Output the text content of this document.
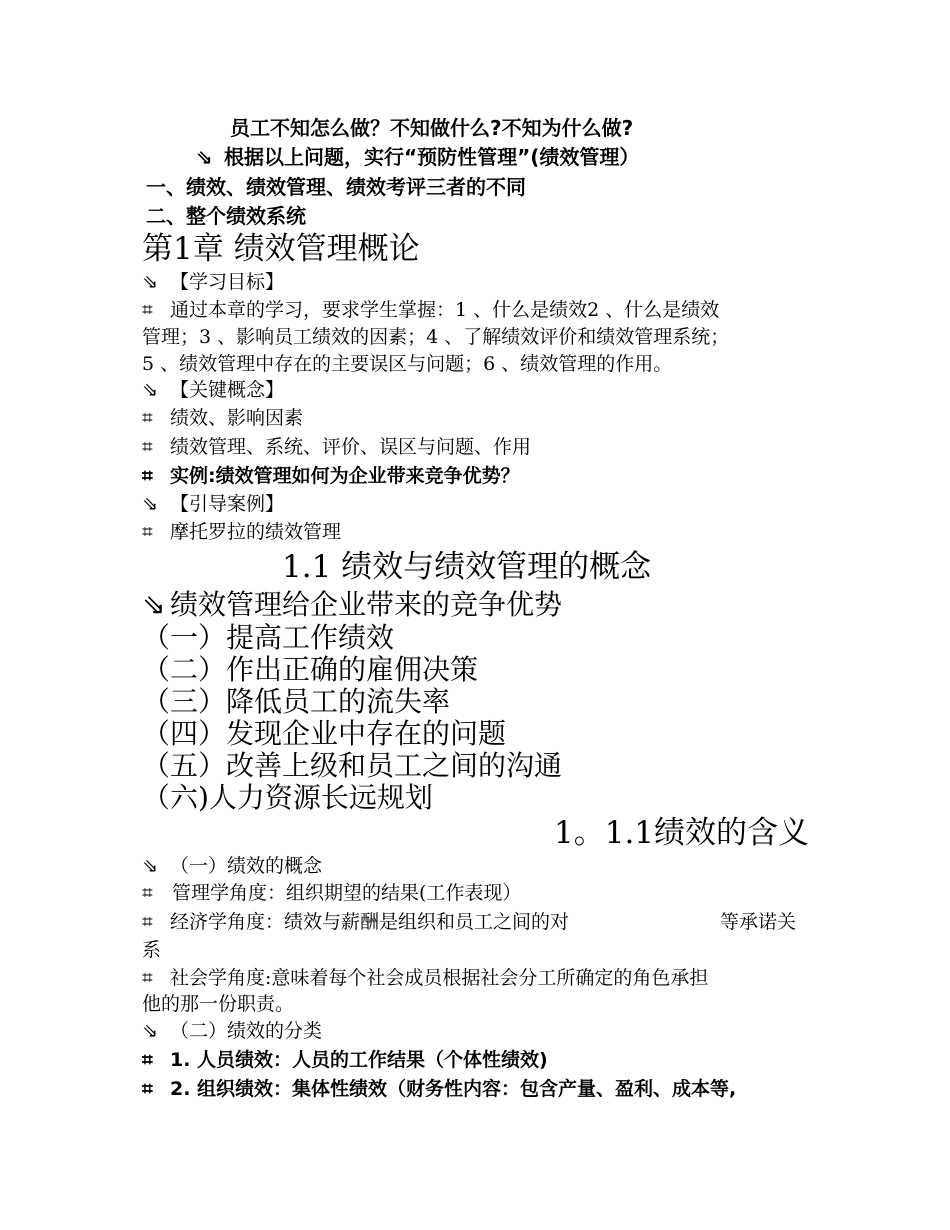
员工不知怎么做？不知做什么?不知为什么做?
⇘ 根据以上问题，实行“预防性管理”(绩效管理）
一、绩效、绩效管理、绩效考评三者的不同
二、整个绩效系统
第1章 绩效管理概论
⇘ 【学习目标】
⌗ 通过本章的学习，要求学生掌握：1 、什么是绩效2 、什么是绩效
管理；3 、影响员工绩效的因素；4 、了解绩效评价和绩效管理系统；
5 、绩效管理中存在的主要误区与问题；6 、绩效管理的作用。
⇘ 【关键概念】
⌗ 绩效、影响因素
⌗ 绩效管理、系统、评价、误区与问题、作用
⌗ 实例:绩效管理如何为企业带来竞争优势？
⇘ 【引导案例】
⌗ 摩托罗拉的绩效管理
1.1 绩效与绩效管理的概念
⇘ 绩效管理给企业带来的竞争优势
（一）提高工作绩效
（二）作出正确的雇佣决策
（三）降低员工的流失率
（四）发现企业中存在的问题
（五）改善上级和员工之间的沟通
（六)人力资源长远规划
1。1.1绩效的含义
⇘ （一）绩效的概念
⌗ 管理学角度：组织期望的结果(工作表现）
⌗ 经济学角度：绩效与薪酬是组织和员工之间的对	等承诺关
系
⌗ 社会学角度:意味着每个社会成员根据社会分工所确定的角色承担
他的那一份职责。
⇘ （二）绩效的分类
⌗ 1. 人员绩效：人员的工作结果（个体性绩效)
⌗ 2. 组织绩效：集体性绩效（财务性内容：包含产量、盈利、成本等,
